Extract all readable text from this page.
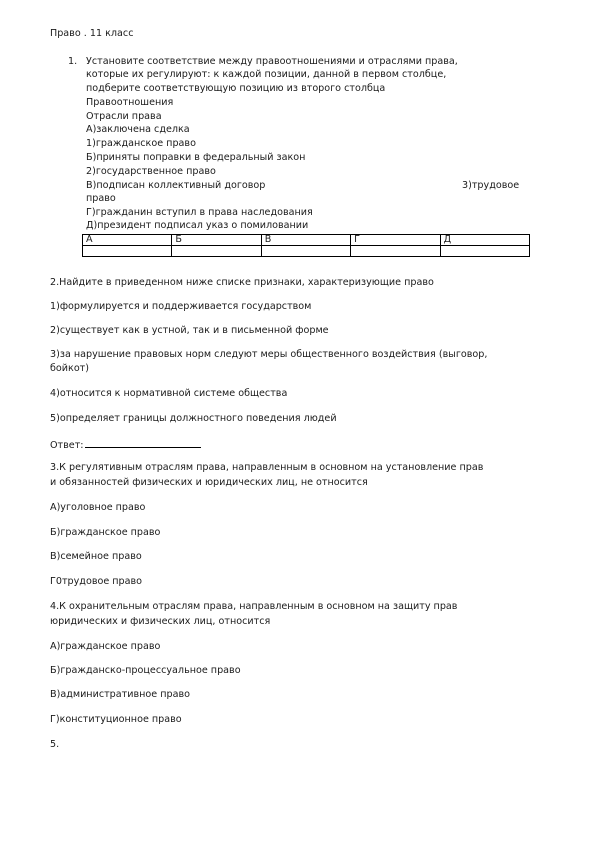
Право . 11 класс
1. Установите соответствие между правоотношениями и отраслями права,
которые их регулируют: к каждой позиции, данной в первом столбце,
подберите соответствующую позицию из второго столбца
Правоотношения
Отрасли права
А)заключена сделка
1)гражданское право
Б)приняты поправки в федеральный закон
2)государственное право
В)подписан коллективный договор	3)трудовое
право
Г)гражданин вступил в права наследования
Д)президент подписал указ о помиловании
А	Б	В	Г	Д

2.Найдите в приведенном ниже списке признаки, характеризующие право
1)формулируется и поддерживается государством
2)существует как в устной, так и в письменной форме
3)за нарушение правовых норм следуют меры общественного воздействия (выговор,
бойкот)
4)относится к нормативной системе общества
5)определяет границы должностного поведения людей
Ответ:
3.К регулятивным отраслям права, направленным в основном на установление прав
и обязанностей физических и юридических лиц, не относится
А)уголовное право
Б)гражданское право
В)семейное право
Г0трудовое право
4.К охранительным отраслям права, направленным в основном на защиту прав
юридических и физических лиц, относится
А)гражданское право
Б)гражданско-процессуальное право
В)административное право
Г)конституционное право
5.
